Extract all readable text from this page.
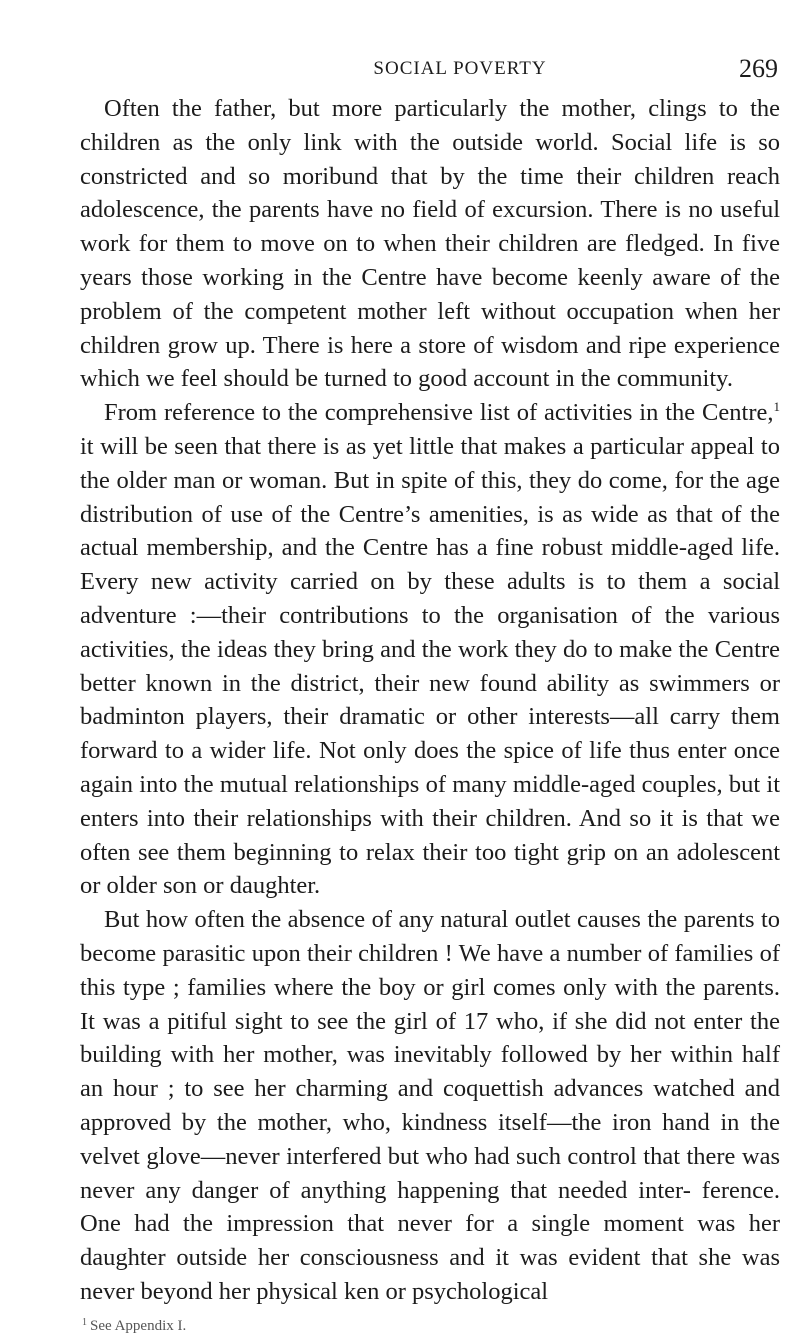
SOCIAL POVERTY	269

Often the father, but more particularly the mother, clings to the children as the only link with the outside world. Social life is so constricted and so moribund that by the time their children reach adolescence, the parents have no field of excursion. There is no useful work for them to move on to when their children are fledged. In five years those working in the Centre have become keenly aware of the problem of the competent mother left without occupation when her children grow up. There is here a store of wisdom and ripe experience which we feel should be turned to good account in the community.

From reference to the comprehensive list of activities in the Centre,$^1$ it will be seen that there is as yet little that makes a particular appeal to the older man or woman. But in spite of this, they do come, for the age distribution of use of the Centre’s amenities, is as wide as that of the actual membership, and the Centre has a fine robust middle-aged life. Every new activity carried on by these adults is to them a social adventure :—their contributions to the organisation of the various activities, the ideas they bring and the work they do to make the Centre better known in the district, their new found ability as swimmers or badminton players, their dramatic or other interests—all carry them forward to a wider life. Not only does the spice of life thus enter once again into the mutual relationships of many middle-aged couples, but it enters into their relationships with their children. And so it is that we often see them beginning to relax their too tight grip on an adolescent or older son or daughter.

But how often the absence of any natural outlet causes the parents to become parasitic upon their children ! We have a number of families of this type ; families where the boy or girl comes only with the parents. It was a pitiful sight to see the girl of 17 who, if she did not enter the building with her mother, was inevitably followed by her within half an hour ; to see her charming and coquettish advances watched and approved by the mother, who, kindness itself—the iron hand in the velvet glove—never interfered but who had such control that there was never any danger of anything happening that needed inter- ference. One had the impression that never for a single moment was her daughter outside her consciousness and it was evident that she was never beyond her physical ken or psychological

$^1$ See Appendix I.
